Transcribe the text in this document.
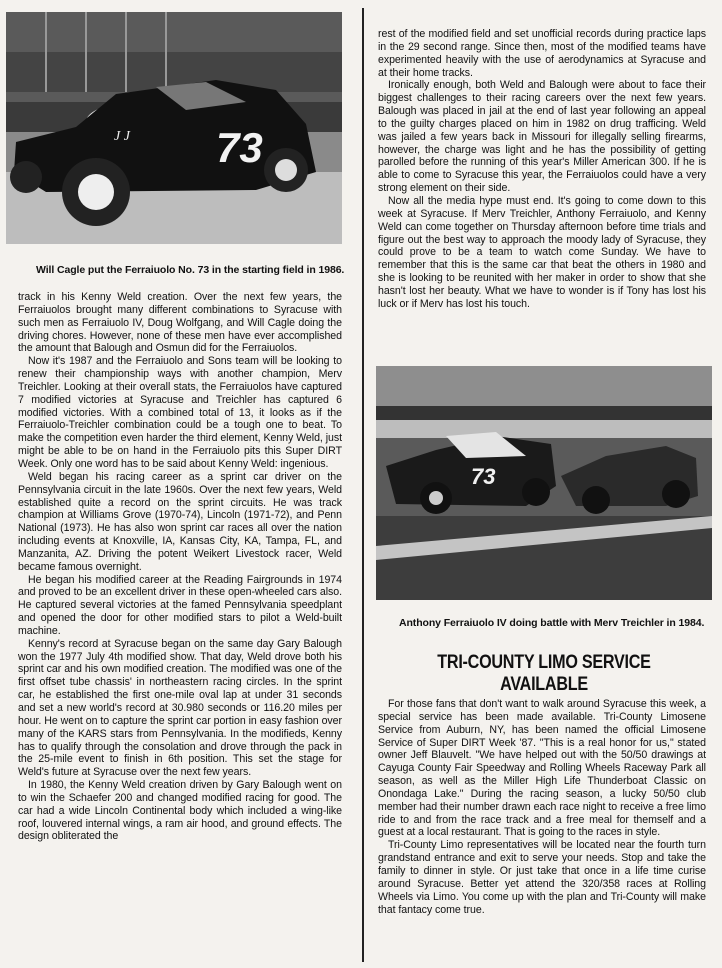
73
J J
Will Cagle put the Ferraiuolo No. 73 in the starting field in 1986.

track in his Kenny Weld creation. Over the next few years, the Ferraiuolos brought many different combinations to Syracuse with such men as Ferraiuolo IV, Doug Wolfgang, and Will Cagle doing the driving chores. However, none of these men have ever accomplished the amount that Balough and Osmun did for the Ferraiuolos.

Now it's 1987 and the Ferraiuolo and Sons team will be looking to renew their championship ways with another champion, Merv Treichler. Looking at their overall stats, the Ferraiuolos have captured 7 modified victories at Syracuse and Treichler has captured 6 modified victories. With a combined total of 13, it looks as if the Ferraiuolo-Treichler combination could be a tough one to beat. To make the competition even harder the third element, Kenny Weld, just might be able to be on hand in the Ferraiuolo pits this Super DIRT Week. Only one word has to be said about Kenny Weld: ingenious.

Weld began his racing career as a sprint car driver on the Pennsylvania circuit in the late 1960s. Over the next few years, Weld established quite a record on the sprint circuits. He was track champion at Williams Grove (1970-74), Lincoln (1971-72), and Penn National (1973). He has also won sprint car races all over the nation including events at Knoxville, IA, Kansas City, KA, Tampa, FL, and Manzanita, AZ. Driving the potent Weikert Livestock racer, Weld became famous overnight.

He began his modified career at the Reading Fairgrounds in 1974 and proved to be an excellent driver in these open-wheeled cars also. He captured several victories at the famed Pennsylvania speedplant and opened the door for other modified stars to pilot a Weld-built machine.

Kenny's record at Syracuse began on the same day Gary Balough won the 1977 July 4th modified show. That day, Weld drove both his sprint car and his own modified creation. The modified was one of the first offset tube chassis' in northeastern racing circles. In the sprint car, he established the first one-mile oval lap at under 31 seconds and set a new world's record at 30.980 seconds or 116.20 miles per hour. He went on to capture the sprint car portion in easy fashion over many of the KARS stars from Pennsylvania. In the modifieds, Kenny has to qualify through the consolation and drove through the pack in the 25-mile event to finish in 6th position. This set the stage for Weld's future at Syracuse over the next few years.

In 1980, the Kenny Weld creation driven by Gary Balough went on to win the Schaefer 200 and changed modified racing for good. The car had a wide Lincoln Continental body which included a wing-like roof, louvered internal wings, a ram air hood, and ground effects. The design obliterated the

rest of the modified field and set unofficial records during practice laps in the 29 second range. Since then, most of the modified teams have experimented heavily with the use of aerodynamics at Syracuse and at their home tracks.

Ironically enough, both Weld and Balough were about to face their biggest challenges to their racing careers over the next few years. Balough was placed in jail at the end of last year following an appeal to the guilty charges placed on him in 1982 on drug trafficing. Weld was jailed a few years back in Missouri for illegally selling firearms, however, the charge was light and he has the possibility of getting parolled before the running of this year's Miller American 300. If he is able to come to Syracuse this year, the Ferraiuolos could have a very strong element on their side.

Now all the media hype must end. It's going to come down to this week at Syracuse. If Merv Treichler, Anthony Ferraiuolo, and Kenny Weld can come together on Thursday afternoon before time trials and figure out the best way to approach the moody lady of Syracuse, they could prove to be a team to watch come Sunday. We have to remember that this is the same car that beat the others in 1980 and she is looking to be reunited with her maker in order to show that she hasn't lost her beauty. What we have to wonder is if Tony has lost his luck or if Merv has lost his touch.

73
Anthony Ferraiuolo IV doing battle with Merv Treichler in 1984.
TRI-COUNTY LIMO SERVICE
AVAILABLE

For those fans that don't want to walk around Syracuse this week, a special service has been made available. Tri-County Limosene Service from Auburn, NY, has been named the official Limosene Service of Super DIRT Week '87. "This is a real honor for us," stated owner Jeff Blauvelt. "We have helped out with the 50/50 drawings at Cayuga County Fair Speedway and Rolling Wheels Raceway Park all season, as well as the Miller High Life Thunderboat Classic on Onondaga Lake." During the racing season, a lucky 50/50 club member had their number drawn each race night to receive a free limo ride to and from the race track and a free meal for themself and a guest at a local restaurant. That is going to the races in style.

Tri-County Limo representatives will be located near the fourth turn grandstand entrance and exit to serve your needs. Stop and take the family to dinner in style. Or just take that once in a life time curise around Syracuse. Better yet attend the 320/358 races at Rolling Wheels via Limo. You come up with the plan and Tri-County will make that fantacy come true.
